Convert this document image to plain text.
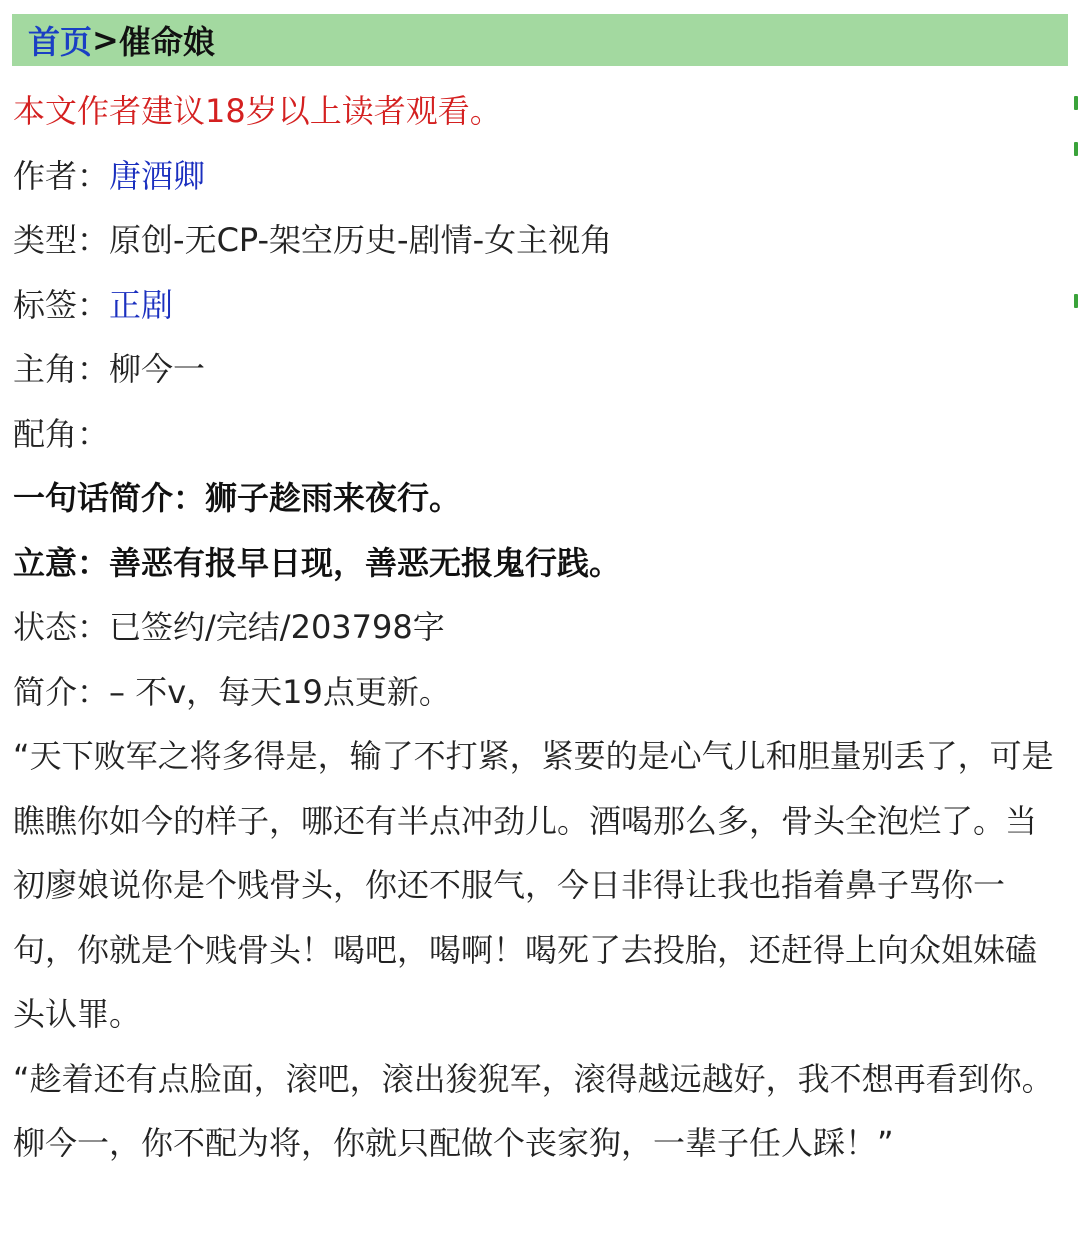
首页 > 催命娘
本文作者建议18岁以上读者观看。
作者：唐酒卿
类型：原创-无CP-架空历史-剧情-女主视角
标签：正剧
主角：柳今一
配角：
一句话简介：狮子趁雨来夜行。
立意：善恶有报早日现，善恶无报鬼行践。
状态：已签约/完结/203798字
简介：– 不v，每天19点更新。
“天下败军之将多得是，输了不打紧，紧要的是心气儿和胆量别丢了，可是瞧瞧你如今的样子，哪还有半点冲劲儿。酒喝那么多，骨头全泡烂了。当初廖娘说你是个贱骨头，你还不服气，今日非得让我也指着鼻子骂你一句，你就是个贱骨头！喝吧，喝啊！喝死了去投胎，还赶得上向众姐妹磕头认罪。
“趁着还有点脸面，滚吧，滚出狻猊军，滚得越远越好，我不想再看到你。柳今一，你不配为将，你就只配做个丧家狗，一辈子任人踩！”
